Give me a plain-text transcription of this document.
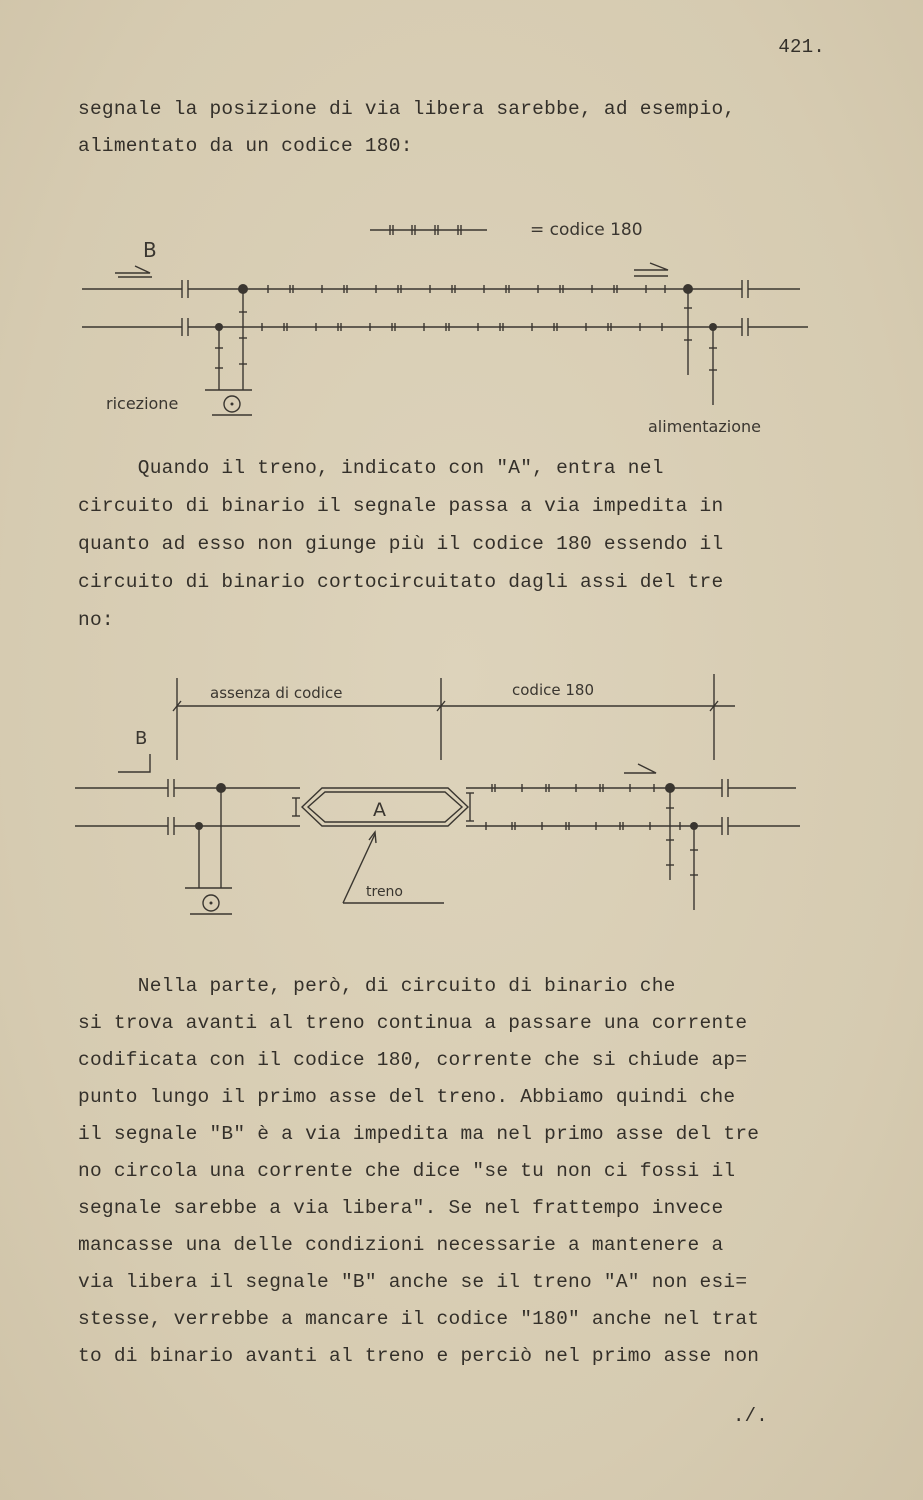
421.
segnale la posizione di via libera sarebbe, ad esempio,
alimentato da un codice 180:
= codice 180
B
ricezione
alimentazione
Quando il treno, indicato con "A", entra nel
circuito di binario il segnale passa a via impedita in
quanto ad esso non giunge più il codice 180 essendo il
circuito di binario cortocircuitato dagli assi del tre
no:
assenza di codice	codice 180
B
A
treno
Nella parte, però, di circuito di binario che
si trova avanti al treno continua a passare una corrente
codificata con il codice 180, corrente che si chiude ap=
punto lungo il primo asse del treno. Abbiamo quindi che
il segnale "B" è a via impedita ma nel primo asse del tre
no circola una corrente che dice "se tu non ci fossi il
segnale sarebbe a via libera". Se nel frattempo invece
mancasse una delle condizioni necessarie a mantenere a
via libera il segnale "B" anche se il treno "A" non esi=
stesse, verrebbe a mancare il codice "180" anche nel trat
to di binario avanti al treno e perciò nel primo asse non
./.
